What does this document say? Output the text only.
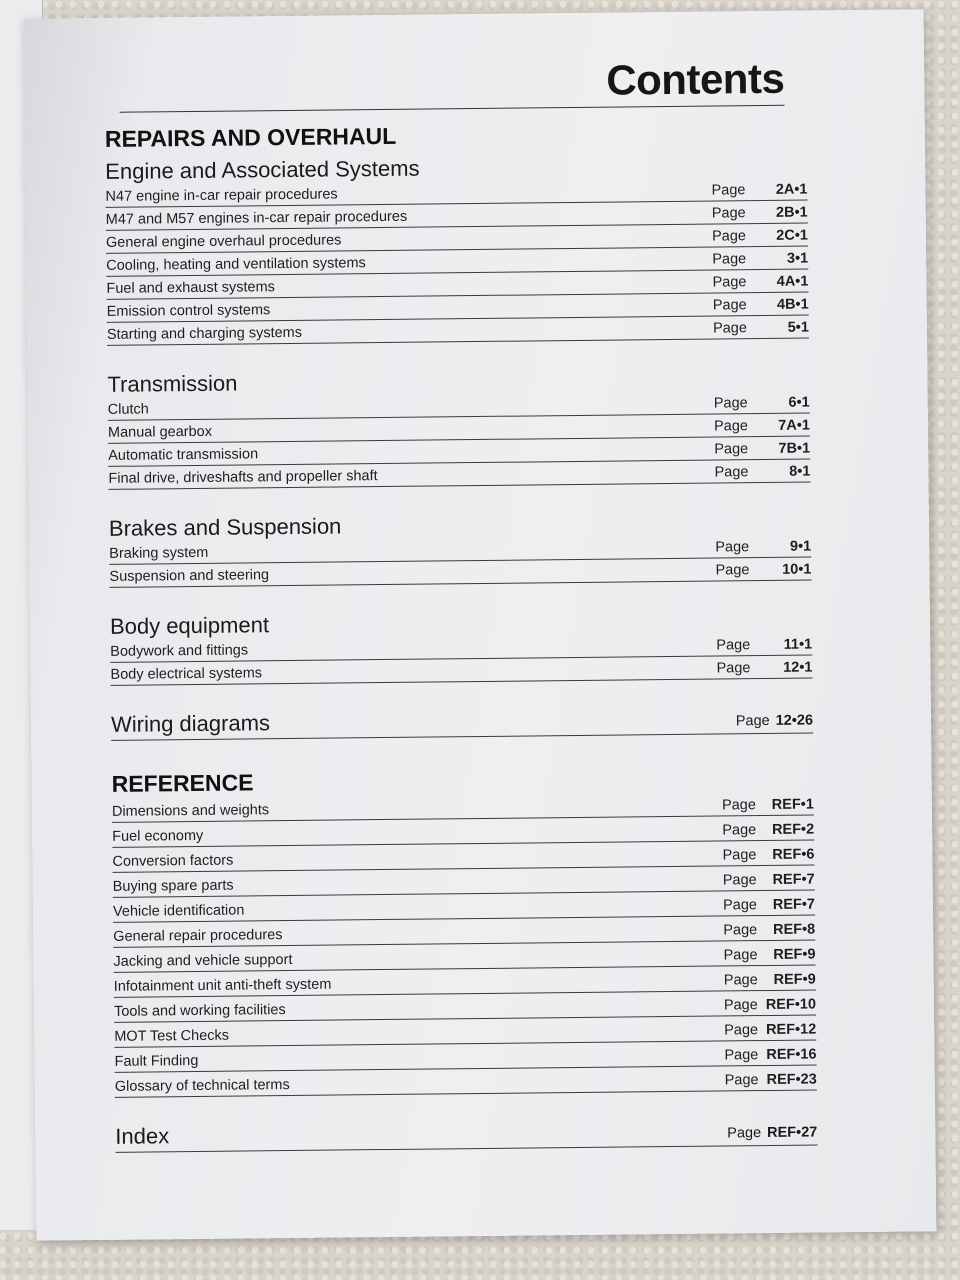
Contents
REPAIRS AND OVERHAUL
Engine and Associated Systems
N47 engine in-car repair procedures	Page	2A•1
M47 and M57 engines in-car repair procedures	Page	2B•1
General engine overhaul procedures	Page	2C•1
Cooling, heating and ventilation systems	Page	3•1
Fuel and exhaust systems	Page	4A•1
Emission control systems	Page	4B•1
Starting and charging systems	Page	5•1
Transmission
Clutch	Page	6•1
Manual gearbox	Page	7A•1
Automatic transmission	Page	7B•1
Final drive, driveshafts and propeller shaft	Page	8•1
Brakes and Suspension
Braking system	Page	9•1
Suspension and steering	Page	10•1
Body equipment
Bodywork and fittings	Page	11•1
Body electrical systems	Page	12•1
Wiring diagrams	Page 12•26
REFERENCE
Dimensions and weights	Page	REF•1
Fuel economy	Page	REF•2
Conversion factors	Page	REF•6
Buying spare parts	Page	REF•7
Vehicle identification	Page	REF•7
General repair procedures	Page	REF•8
Jacking and vehicle support	Page	REF•9
Infotainment unit anti-theft system	Page	REF•9
Tools and working facilities	Page REF•10
MOT Test Checks	Page REF•12
Fault Finding	Page REF•16
Glossary of technical terms	Page REF•23
Index	Page REF•27
